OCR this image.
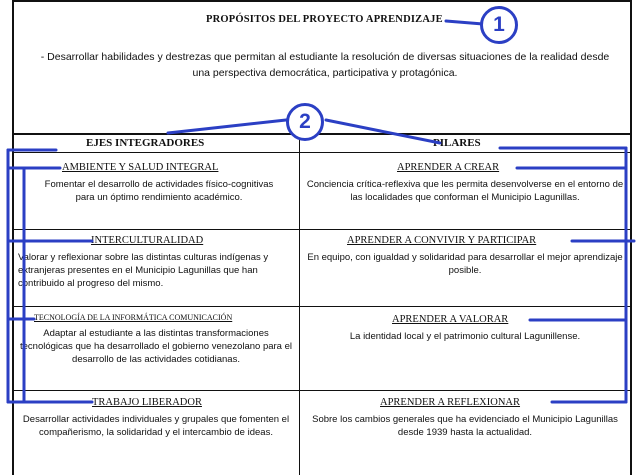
PROPÓSITOS DEL PROYECTO APRENDIZAJE
- Desarrollar habilidades y destrezas que permitan al estudiante la resolución de diversas situaciones de la realidad desde una perspectiva democrática, participativa y protagónica.
EJES INTEGRADORES	PILARES
AMBIENTE Y SALUD INTEGRAL
Fomentar el desarrollo de actividades físico-cognitivas para un óptimo rendimiento académico.
INTERCULTURALIDAD
Valorar y reflexionar sobre las distintas culturas indígenas y extranjeras presentes en el Municipio Lagunillas que han contribuido al progreso del mismo.
TECNOLOGÍA DE LA INFORMÁTICA COMUNICACIÓN
Adaptar al estudiante a las distintas transformaciones tecnológicas que ha desarrollado el gobierno venezolano para el desarrollo de las actividades cotidianas.
TRABAJO LIBERADOR
Desarrollar actividades individuales y grupales que fomenten el compañerismo, la solidaridad y el intercambio de ideas.
APRENDER A CREAR
Conciencia crítica-reflexiva que les permita desenvolverse en el entorno de las localidades que conforman el Municipio Lagunillas.
APRENDER A CONVIVIR Y PARTICIPAR
En equipo, con igualdad y solidaridad para desarrollar el mejor aprendizaje posible.
APRENDER A VALORAR
La identidad local y el patrimonio cultural Lagunillense.
APRENDER A REFLEXIONAR
Sobre los cambios generales que ha evidenciado el Municipio Lagunillas desde 1939 hasta la actualidad.
1
2
